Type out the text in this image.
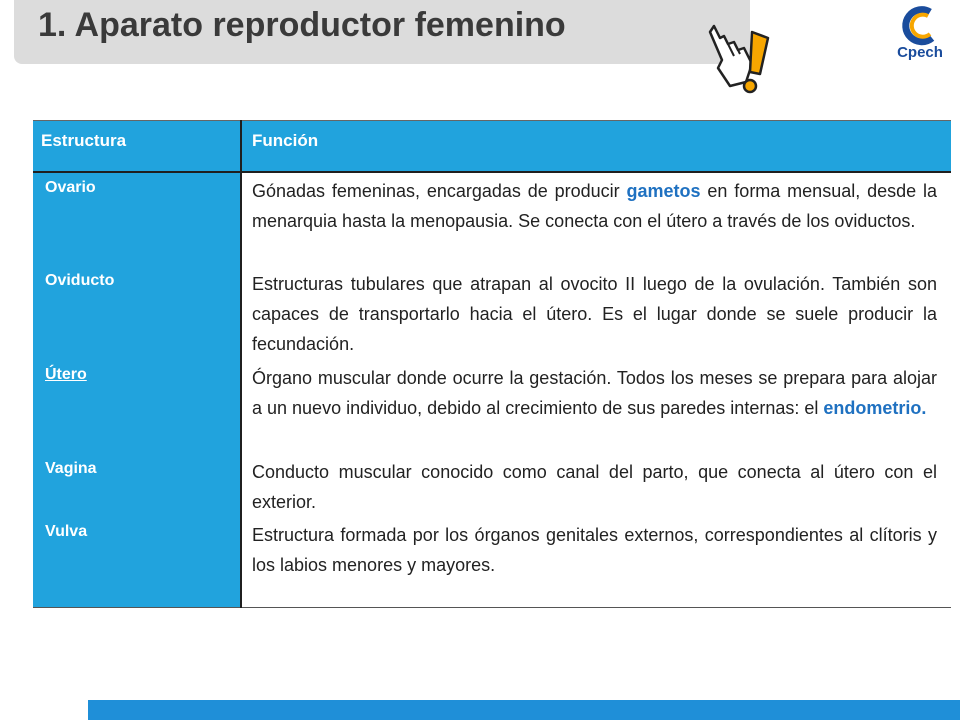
1. Aparato reproductor femenino
Cpech
Estructura	Función
Ovario	Gónadas femeninas, encargadas de producir gametos en forma mensual, desde la menarquia hasta la menopausia. Se conecta con el útero a través de los oviductos.
Oviducto	Estructuras tubulares que atrapan al ovocito II luego de la ovulación. También son capaces de transportarlo hacia el útero. Es el lugar donde se suele producir la fecundación.
Útero	Órgano muscular donde ocurre la gestación. Todos los meses se prepara para alojar a un nuevo individuo, debido al crecimiento de sus paredes internas: el endometrio.
Vagina	Conducto muscular conocido como canal del parto, que conecta al útero con el exterior.
Vulva	Estructura formada por los órganos genitales externos, correspondientes al clítoris y los labios menores y mayores.
